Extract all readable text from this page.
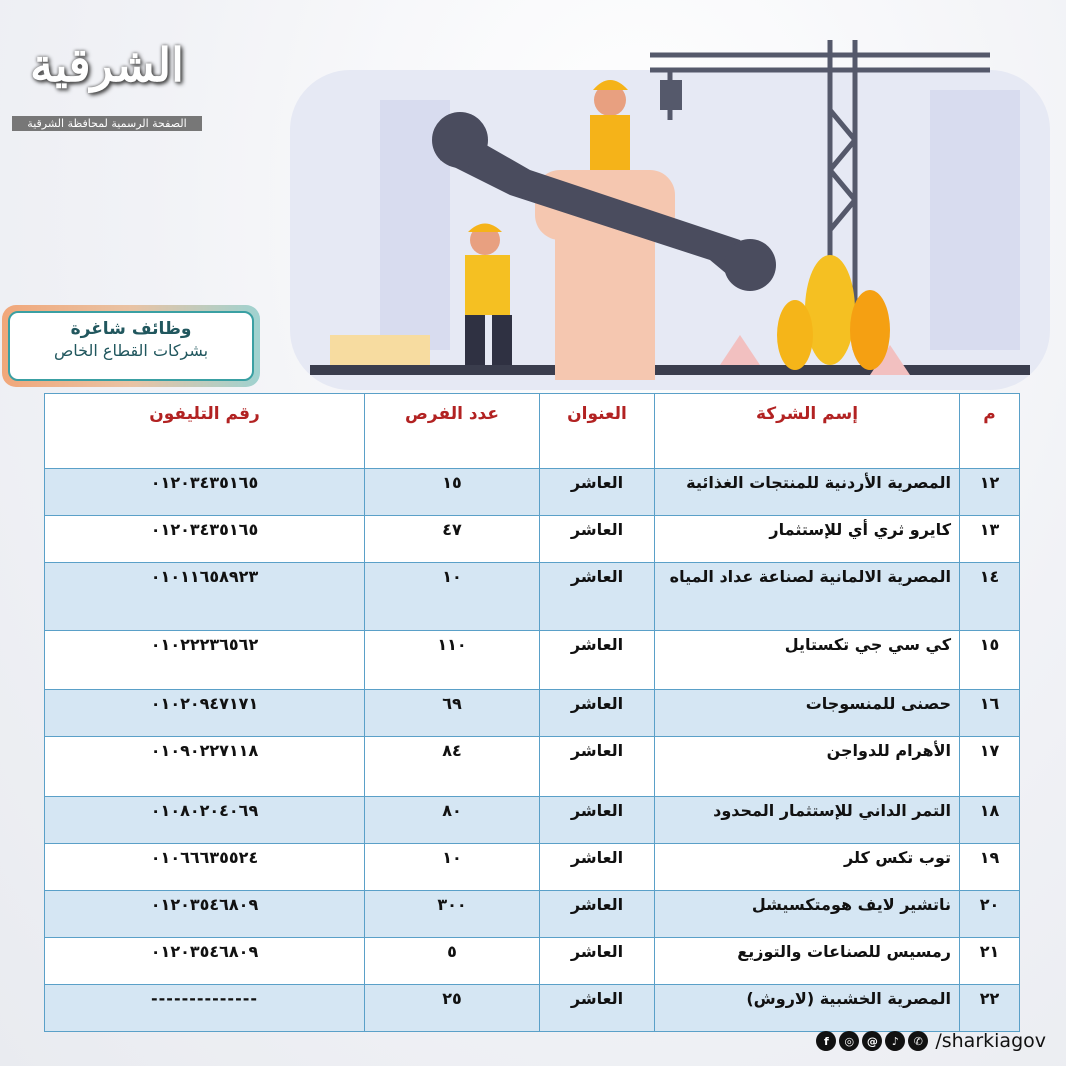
الشرقية
الصفحة الرسمية لمحافظة الشرقية
وظائف شاغرة
بشركات القطاع الخاص
م	إسم الشركة	العنوان	عدد الفرص	رقم التليفون
١٢	المصرية الأردنية للمنتجات الغذائية	العاشر	١٥	٠١٢٠٣٤٣٥١٦٥
١٣	كايرو ثري أي للإستثمار	العاشر	٤٧	٠١٢٠٣٤٣٥١٦٥
١٤	المصرية الالمانية لصناعة عداد المياه	العاشر	١٠	٠١٠١١٦٥٨٩٢٣
١٥	كي سي جي تكستايل	العاشر	١١٠	٠١٠٢٢٢٣٦٥٦٢
١٦	حصنى للمنسوجات	العاشر	٦٩	٠١٠٢٠٩٤٧١٧١
١٧	الأهرام للدواجن	العاشر	٨٤	٠١٠٩٠٢٢٧١١٨
١٨	التمر الداني للإستثمار المحدود	العاشر	٨٠	٠١٠٨٠٢٠٤٠٦٩
١٩	توب تكس كلر	العاشر	١٠	٠١٠٦٦٦٣٥٥٢٤
٢٠	ناتشير لايف هومتكسيشل	العاشر	٣٠٠	٠١٢٠٣٥٤٦٨٠٩
٢١	رمسيس للصناعات والتوزيع	العاشر	٥	٠١٢٠٣٥٤٦٨٠٩
٢٢	المصرية الخشبية (لاروش)	العاشر	٢٥	--------------
f	◎	@	♪	✆ /sharkiagov
